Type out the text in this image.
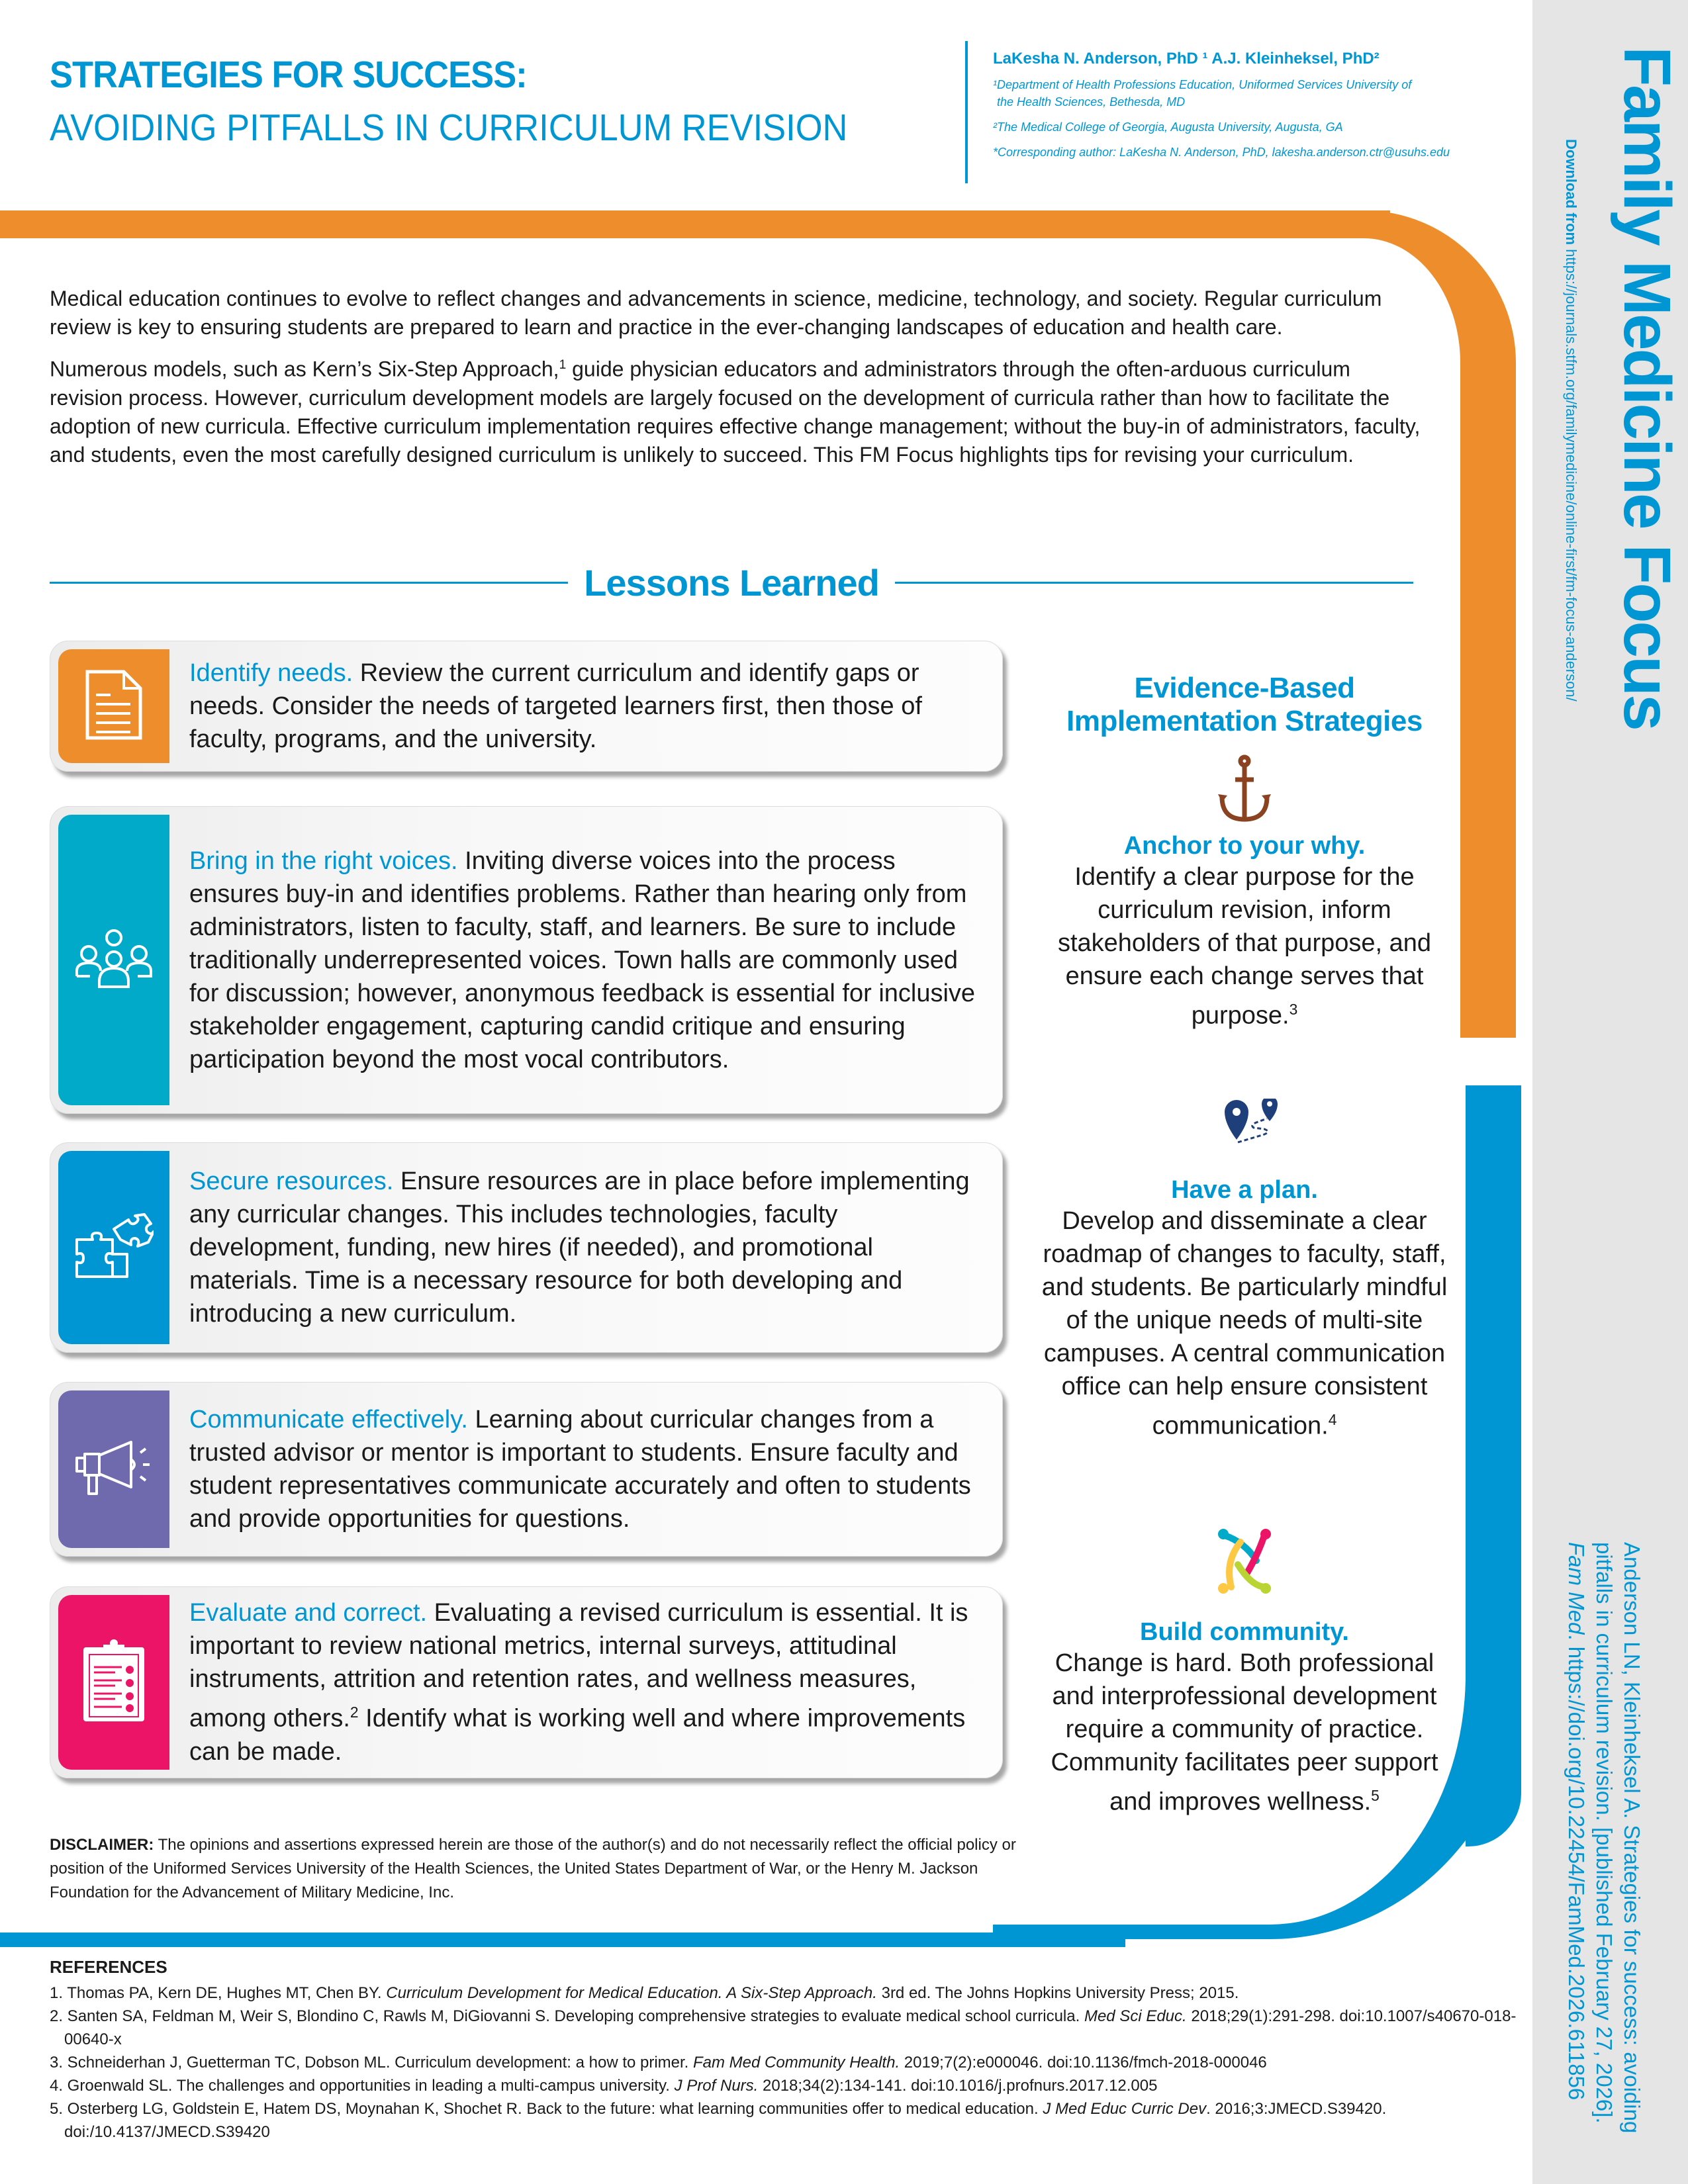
Family Medicine Focus
Download from https://journals.stfm.org/familymedicine/online-first/fm-focus-anderson/
Anderson LN, Kleinheksel A. Strategies for success: avoiding pitfalls in curriculum revision. [published February 27, 2026]. Fam Med. https://doi.org/10.22454/FamMed.2026.611856
STRATEGIES FOR SUCCESS:
AVOIDING PITFALLS IN CURRICULUM REVISION
LaKesha N. Anderson, PhD ¹ A.J. Kleinheksel, PhD²
¹Department of Health Professions Education, Uniformed Services University of
the Health Sciences, Bethesda, MD
²The Medical College of Georgia, Augusta University, Augusta, GA
*Corresponding author: LaKesha N. Anderson, PhD, lakesha.anderson.ctr@usuhs.edu

Medical education continues to evolve to reflect changes and advancements in science, medicine, technology, and society. Regular curriculum review is key to ensuring students are prepared to learn and practice in the ever-changing landscapes of education and health care.

Numerous models, such as Kern’s Six-Step Approach,$^1$ guide physician educators and administrators through the often-arduous curriculum revision process. However, curriculum development models are largely focused on the development of curricula rather than how to facilitate the adoption of new curricula. Effective curriculum implementation requires effective change management; without the buy-in of administrators, faculty, and students, even the most carefully designed curriculum is unlikely to succeed. This FM Focus highlights tips for revising your curriculum.

Lessons Learned
Identify needs. Review the current curriculum and identify gaps or needs. Consider the needs of targeted learners first, then those of faculty, programs, and the university.
Bring in the right voices. Inviting diverse voices into the process ensures buy-in and identifies problems. Rather than hearing only from administrators, listen to faculty, staff, and learners. Be sure to include traditionally underrepresented voices. Town halls are commonly used for discussion; however, anonymous feedback is essential for inclusive stakeholder engagement, capturing candid critique and ensuring participation beyond the most vocal contributors.
Secure resources. Ensure resources are in place before implementing any curricular changes. This includes technologies, faculty development, funding, new hires (if needed), and promotional materials. Time is a necessary resource for both developing and introducing a new curriculum.
Communicate effectively. Learning about curricular changes from a trusted advisor or mentor is important to students. Ensure faculty and student representatives communicate accurately and often to students and provide opportunities for questions.
Evaluate and correct. Evaluating a revised curriculum is essential. It is important to review national metrics, internal surveys, attitudinal instruments, attrition and retention rates, and wellness measures, among others.$^2$ Identify what is working well and where improvements can be made.
Evidence-Based
Implementation Strategies
Anchor to your why.
Identify a clear purpose for the curriculum revision, inform stakeholders of that purpose, and ensure each change serves that purpose.$^3$
Have a plan.
Develop and disseminate a clear roadmap of changes to faculty, staff, and students. Be particularly mindful of the unique needs of multi-site campuses. A central communication office can help ensure consistent communication.$^4$
Build community.
Change is hard. Both professional and interprofessional development require a community of practice. Community facilitates peer support and improves wellness.$^5$
DISCLAIMER: The opinions and assertions expressed herein are those of the author(s) and do not necessarily reflect the official policy or position of the Uniformed Services University of the Health Sciences, the United States Department of War, or the Henry M. Jackson Foundation for the Advancement of Military Medicine, Inc.
REFERENCES
1. Thomas PA, Kern DE, Hughes MT, Chen BY. Curriculum Development for Medical Education. A Six-Step Approach. 3rd ed. The Johns Hopkins University Press; 2015.
2. Santen SA, Feldman M, Weir S, Blondino C, Rawls M, DiGiovanni S. Developing comprehensive strategies to evaluate medical school curricula. Med Sci Educ. 2018;29(1):291-298. doi:10.1007/s40670-018-00640-x
3. Schneiderhan J, Guetterman TC, Dobson ML. Curriculum development: a how to primer. Fam Med Community Health. 2019;7(2):e000046. doi:10.1136/fmch-2018-000046
4. Groenwald SL. The challenges and opportunities in leading a multi-campus university. J Prof Nurs. 2018;34(2):134-141. doi:10.1016/j.profnurs.2017.12.005
5. Osterberg LG, Goldstein E, Hatem DS, Moynahan K, Shochet R. Back to the future: what learning communities offer to medical education. J Med Educ Curric Dev. 2016;3:JMECD.S39420. doi:/10.4137/JMECD.S39420
